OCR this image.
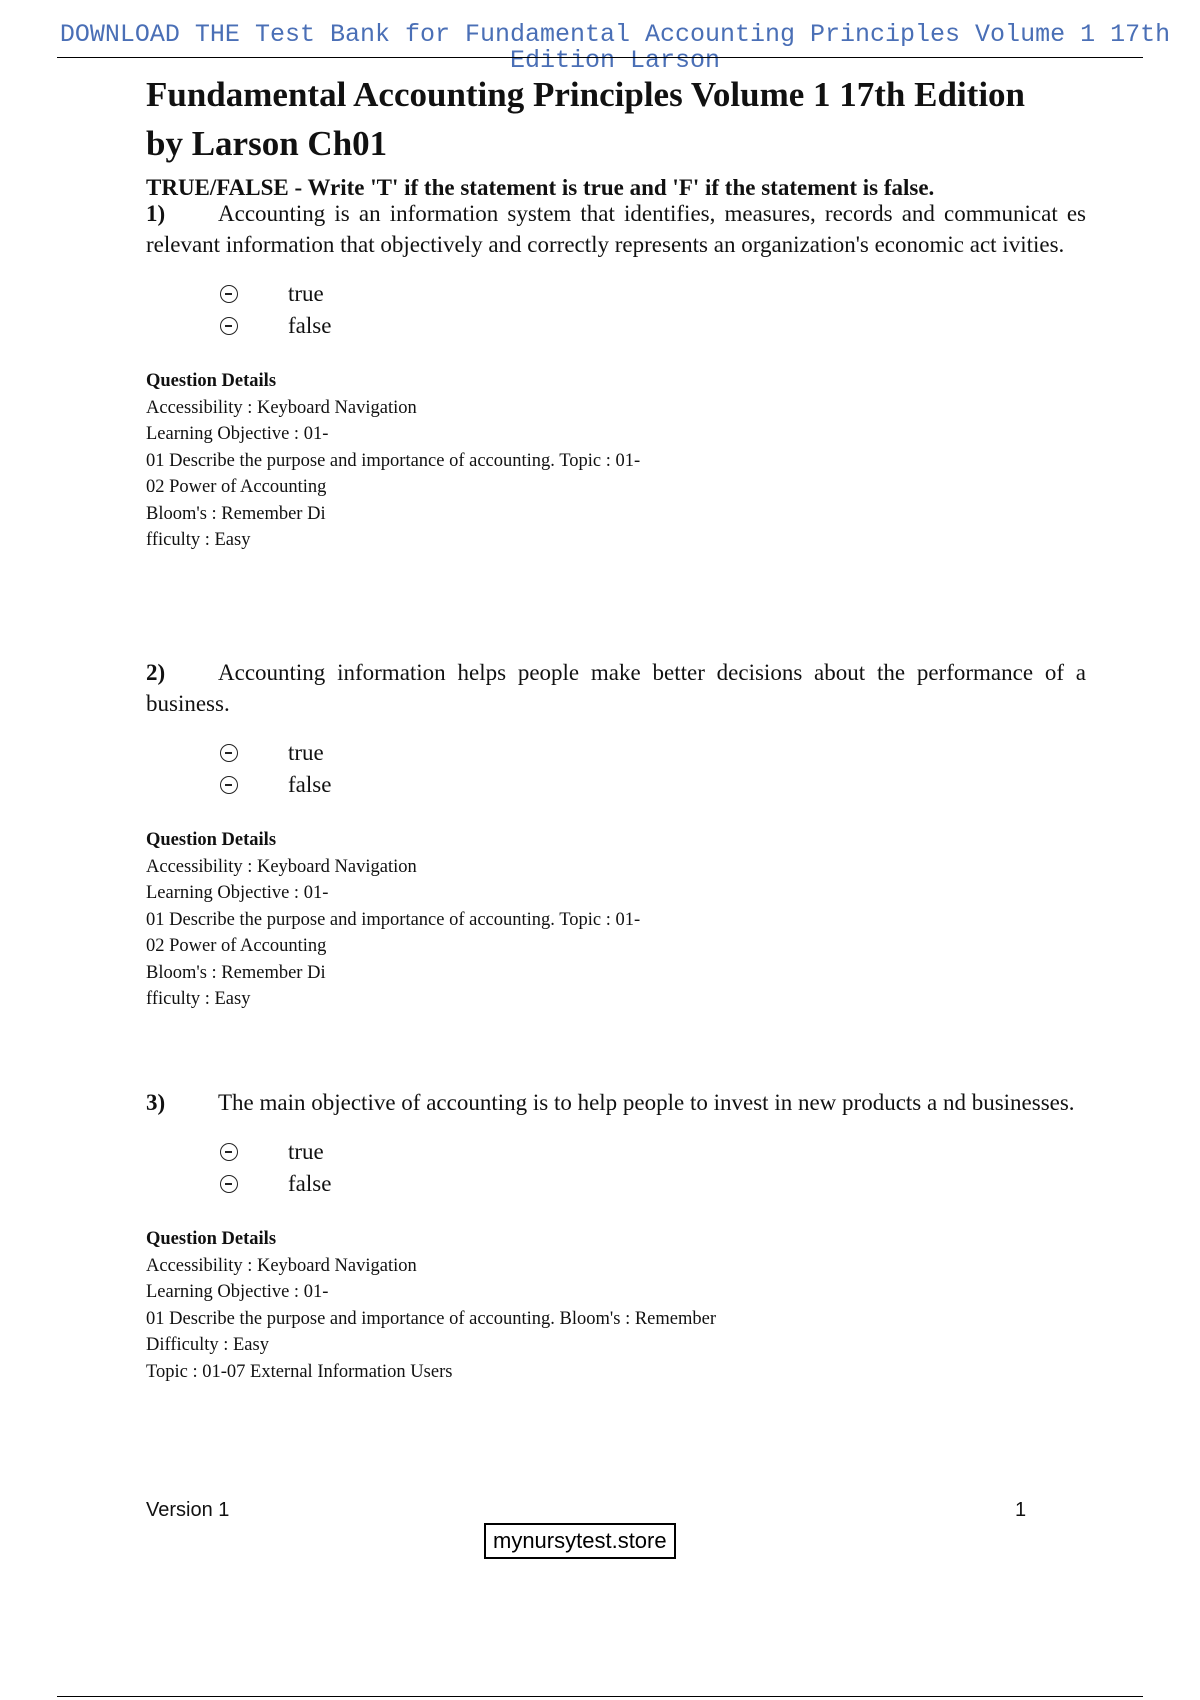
DOWNLOAD THE Test Bank for Fundamental Accounting Principles Volume 1 17th Edition Larson
Fundamental Accounting Principles Volume 1 17th Edition
by Larson Ch01
TRUE/FALSE - Write 'T' if the statement is true and 'F' if the statement is false.
1) Accounting is an information system that identifies, measures, records and communicat es relevant information that objectively and correctly represents an organization's economic act ivities.
true
false
Question Details
Accessibility : Keyboard Navigation
Learning Objective : 01-
01 Describe the purpose and importance of accounting. Topic : 01-
02 Power of Accounting
Bloom's : Remember Di
fficulty : Easy
2) Accounting information helps people make better decisions about the performance of a business.
true
false
Question Details
Accessibility : Keyboard Navigation
Learning Objective : 01-
01 Describe the purpose and importance of accounting. Topic : 01-
02 Power of Accounting
Bloom's : Remember Di
fficulty : Easy
3) The main objective of accounting is to help people to invest in new products a nd businesses.
true
false
Question Details
Accessibility : Keyboard Navigation
Learning Objective : 01-
01 Describe the purpose and importance of accounting. Bloom's : Remember
Difficulty : Easy
Topic : 01-07 External Information Users
Version 1	1
mynursytest.store
